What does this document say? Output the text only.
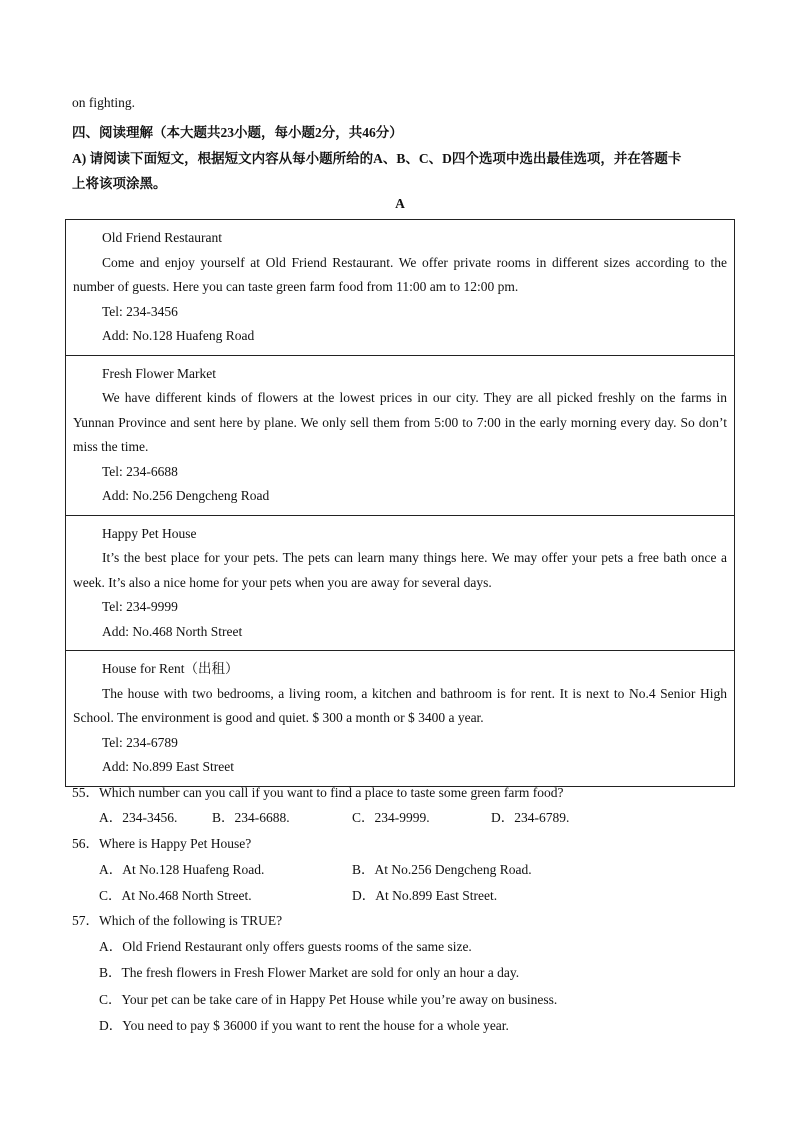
on fighting.
四、阅读理解（本大题共23小题，每小题2分，共46分）
A) 请阅读下面短文，根据短文内容从每小题所给的A、B、C、D四个选项中选出最佳选项，并在答题卡
上将该项涂黑。
A

Old Friend Restaurant

Come and enjoy yourself at Old Friend Restaurant. We offer private rooms in different sizes according to the number of guests. Here you can taste green farm food from 11:00 am to 12:00 pm.

Tel: 234-3456

Add: No.128 Huafeng Road

Fresh Flower Market

We have different kinds of flowers at the lowest prices in our city. They are all picked freshly on the farms in Yunnan Province and sent here by plane. We only sell them from 5:00 to 7:00 in the early morning every day. So don’t miss the time.

Tel: 234-6688

Add: No.256 Dengcheng Road

Happy Pet House

It’s the best place for your pets. The pets can learn many things here. We may offer your pets a free bath once a week. It’s also a nice home for your pets when you are away for several days.

Tel: 234-9999

Add: No.468 North Street

House for Rent（出租）

The house with two bedrooms, a living room, a kitchen and bathroom is for rent. It is next to No.4 Senior High School. The environment is good and quiet. $ 300 a month or $ 3400 a year.

Tel: 234-6789

Add: No.899 East Street

55．Which number can you call if you want to find a place to taste some green farm food?
A．234-3456.	B．234-6688.	C．234-9999.	D．234-6789.
56．Where is Happy Pet House?
A．At No.128 Huafeng Road.	B．At No.256 Dengcheng Road.
C．At No.468 North Street.	D．At No.899 East Street.
57．Which of the following is TRUE?
A．Old Friend Restaurant only offers guests rooms of the same size.
B．The fresh flowers in Fresh Flower Market are sold for only an hour a day.
C．Your pet can be take care of in Happy Pet House while you’re away on business.
D．You need to pay $ 36000 if you want to rent the house for a whole year.
